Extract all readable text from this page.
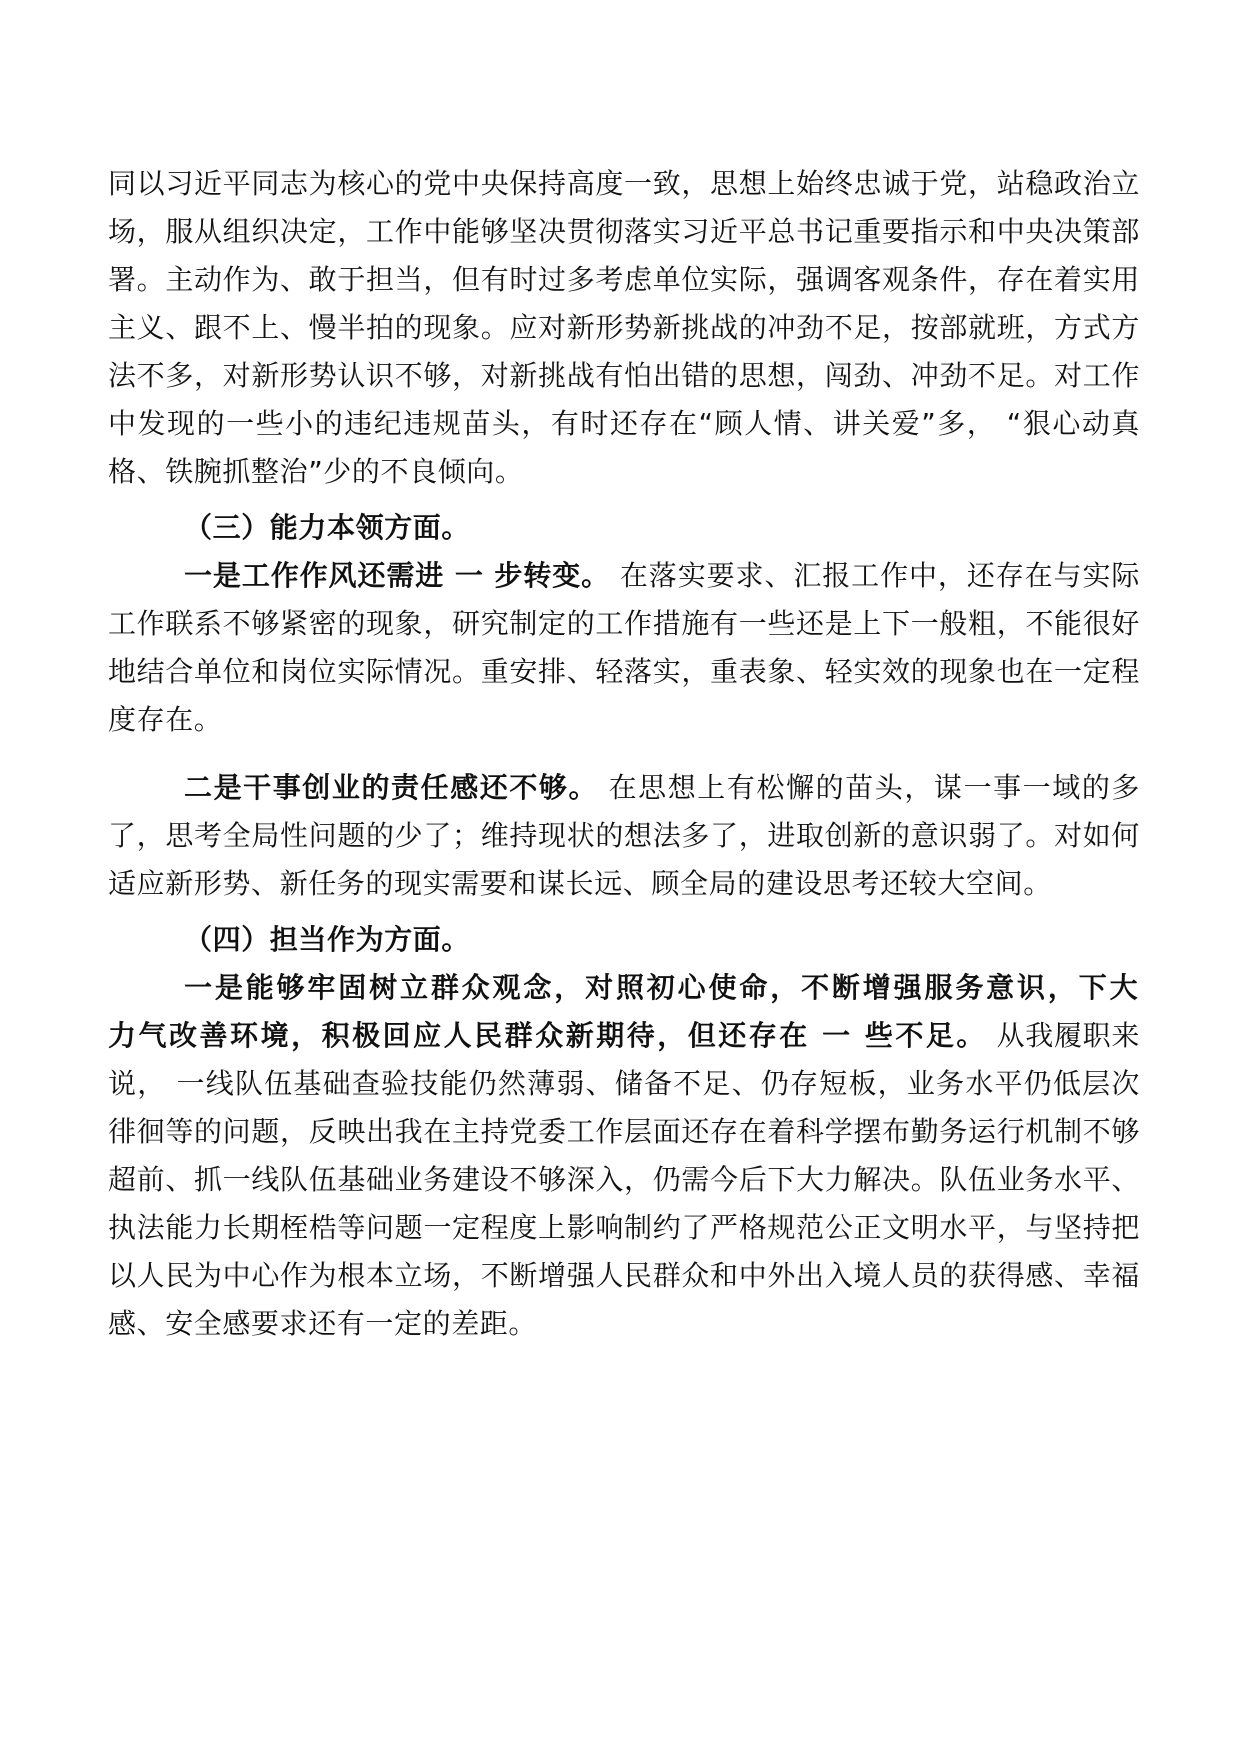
同以习近平同志为核心的党中央保持高度一致，思想上始终忠诚于党，站稳政治立场，服从组织决定，工作中能够坚决贯彻落实习近平总书记重要指示和中央决策部署。主动作为、敢于担当，但有时过多考虑单位实际，强调客观条件，存在着实用主义、跟不上、慢半拍的现象。应对新形势新挑战的冲劲不足，按部就班，方式方法不多，对新形势认识不够，对新挑战有怕出错的思想，闯劲、冲劲不足。对工作中发现的一些小的违纪违规苗头，有时还存在“顾人情、讲关爱”多， “狠心动真格、铁腕抓整治”少的不良倾向。

（三）能力本领方面。

一是工作作风还需进 一 步转变。 在落实要求、汇报工作中，还存在与实际工作联系不够紧密的现象，研究制定的工作措施有一些还是上下一般粗，不能很好地结合单位和岗位实际情况。重安排、轻落实，重表象、轻实效的现象也在一定程度存在。

二是干事创业的责任感还不够。 在思想上有松懈的苗头，谋一事一域的多了，思考全局性问题的少了；维持现状的想法多了，进取创新的意识弱了。对如何适应新形势、新任务的现实需要和谋长远、顾全局的建设思考还较大空间。

（四）担当作为方面。

一是能够牢固树立群众观念，对照初心使命，不断增强服务意识，下大力气改善环境，积极回应人民群众新期待，但还存在 一 些不足。 从我履职来说， 一线队伍基础查验技能仍然薄弱、储备不足、仍存短板，业务水平仍低层次徘徊等的问题，反映出我在主持党委工作层面还存在着科学摆布勤务运行机制不够超前、抓一线队伍基础业务建设不够深入，仍需今后下大力解决。队伍业务水平、执法能力长期桎梏等问题一定程度上影响制约了严格规范公正文明水平，与坚持把以人民为中心作为根本立场，不断增强人民群众和中外出入境人员的获得感、幸福感、安全感要求还有一定的差距。
